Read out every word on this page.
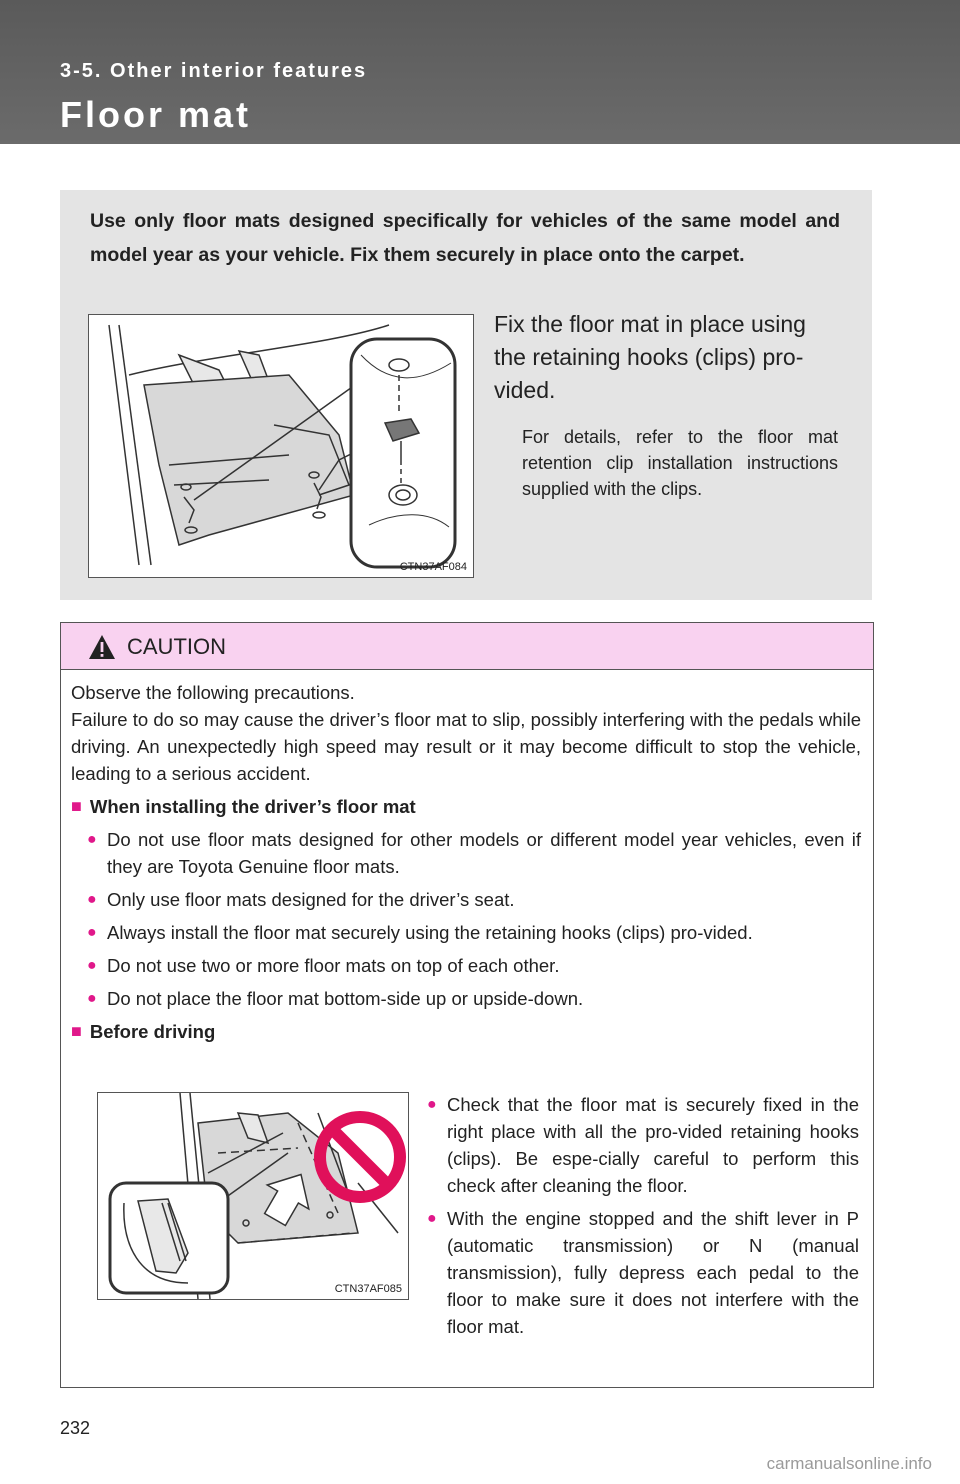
3-5. Other interior features
Floor mat
Use only floor mats designed specifically for vehicles of the same model and model year as your vehicle. Fix them securely in place onto the carpet.
CTN37AF084
Fix the floor mat in place using the retaining hooks (clips) pro-vided.
For details, refer to the floor mat retention clip installation instructions supplied with the clips.
CAUTION
Observe the following precautions.
Failure to do so may cause the driver’s floor mat to slip, possibly interfering with the pedals while driving. An unexpectedly high speed may result or it may become difficult to stop the vehicle, leading to a serious accident.
■ When installing the driver’s floor mat
● Do not use floor mats designed for other models or different model year vehicles, even if they are Toyota Genuine floor mats.
● Only use floor mats designed for the driver’s seat.
● Always install the floor mat securely using the retaining hooks (clips) pro-vided.
● Do not use two or more floor mats on top of each other.
● Do not place the floor mat bottom-side up or upside-down.
■ Before driving
CTN37AF085
● Check that the floor mat is securely fixed in the right place with all the pro-vided retaining hooks (clips). Be espe-cially careful to perform this check after cleaning the floor.
● With the engine stopped and the shift lever in P (automatic transmission) or N (manual transmission), fully depress each pedal to the floor to make sure it does not interfere with the floor mat.
232
carmanualsonline.info
